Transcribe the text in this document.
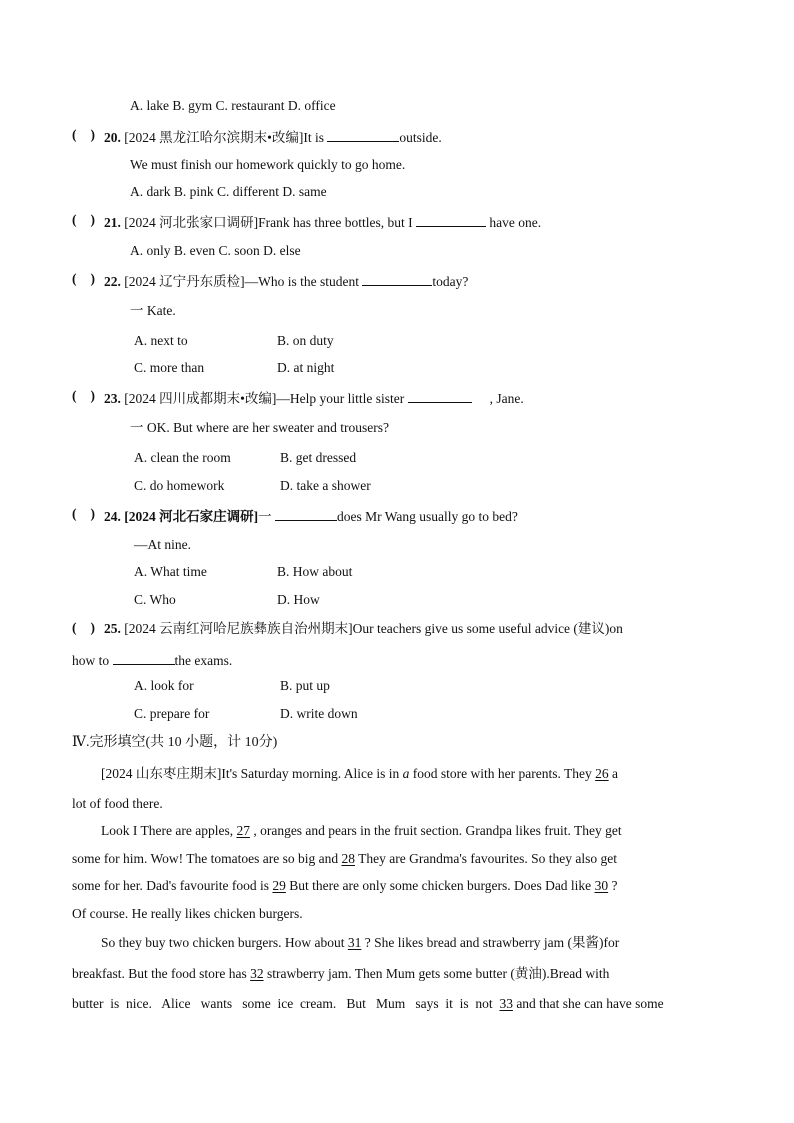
A. lake B. gym C. restaurant D. office
( ) 20. [2024 黑龙江哈尔滨期末•改编]It is	outside.
We must finish our homework quickly to go home.
A. dark B. pink C. different D. same
( ) 21. [2024 河北张家口调研]Frank has three bottles, but I	have one.
A. only B. even C. soon D. else
( ) 22. [2024 辽宁丹东质检]—Who is the student	today?
一 Kate.
A. next to	B. on duty
C. more than	D. at night
( ) 23. [2024 四川成都期末•改编]—Help your little sister	, Jane.
一 OK. But where are her sweater and trousers?
A. clean the room	B. get dressed
C. do homework	D. take a shower
( ) 24. [2024 河北石家庄调研]一	does Mr Wang usually go to bed?
—At nine.
A. What time	B. How about
C. Who	D. How
( ) 25. [2024 云南红河哈尼族彝族自治州期末]Our teachers give us some useful advice (建议)on
how to	the exams.
A. look for	B. put up
C. prepare for	D. write down
Ⅳ.完形填空(共 10 小题，计 10分)
[2024 山东枣庄期末]It's Saturday morning. Alice is in a food store with her parents. They 26 a
lot of food there.
Look I There are apples, 27 , oranges and pears in the fruit section. Grandpa likes fruit. They get
some for him. Wow! The tomatoes are so big and 28 They are Grandma's favourites. So they also get
some for her. Dad's favourite food is 29 But there are only some chicken burgers. Does Dad like 30 ?
Of course. He really likes chicken burgers.
So they buy two chicken burgers. How about 31 ? She likes bread and strawberry jam (果酱)for
breakfast. But the food store has 32 strawberry jam. Then Mum gets some butter (黄油).Bread with
butter  is  nice.   Alice   wants   some  ice  cream.   But   Mum   says  it  is  not  33 and that she can have some
